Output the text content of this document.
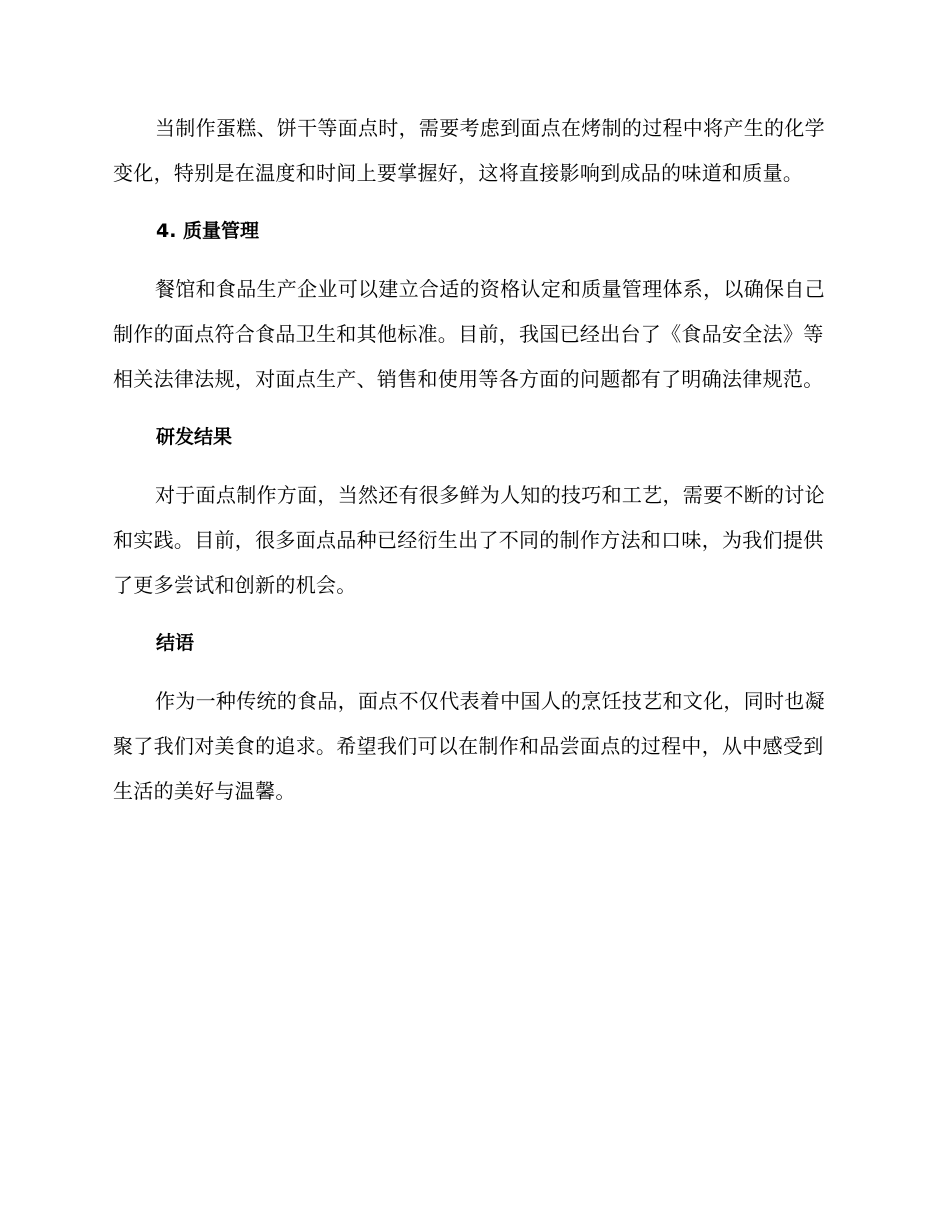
当制作蛋糕、饼干等面点时，需要考虑到面点在烤制的过程中将产生的化学变化，特别是在温度和时间上要掌握好，这将直接影响到成品的味道和质量。

4. 质量管理

餐馆和食品生产企业可以建立合适的资格认定和质量管理体系，以确保自己制作的面点符合食品卫生和其他标准。目前，我国已经出台了《食品安全法》等相关法律法规，对面点生产、销售和使用等各方面的问题都有了明确法律规范。

研发结果

对于面点制作方面，当然还有很多鲜为人知的技巧和工艺，需要不断的讨论和实践。目前，很多面点品种已经衍生出了不同的制作方法和口味，为我们提供了更多尝试和创新的机会。

结语

作为一种传统的食品，面点不仅代表着中国人的烹饪技艺和文化，同时也凝聚了我们对美食的追求。希望我们可以在制作和品尝面点的过程中，从中感受到生活的美好与温馨。
